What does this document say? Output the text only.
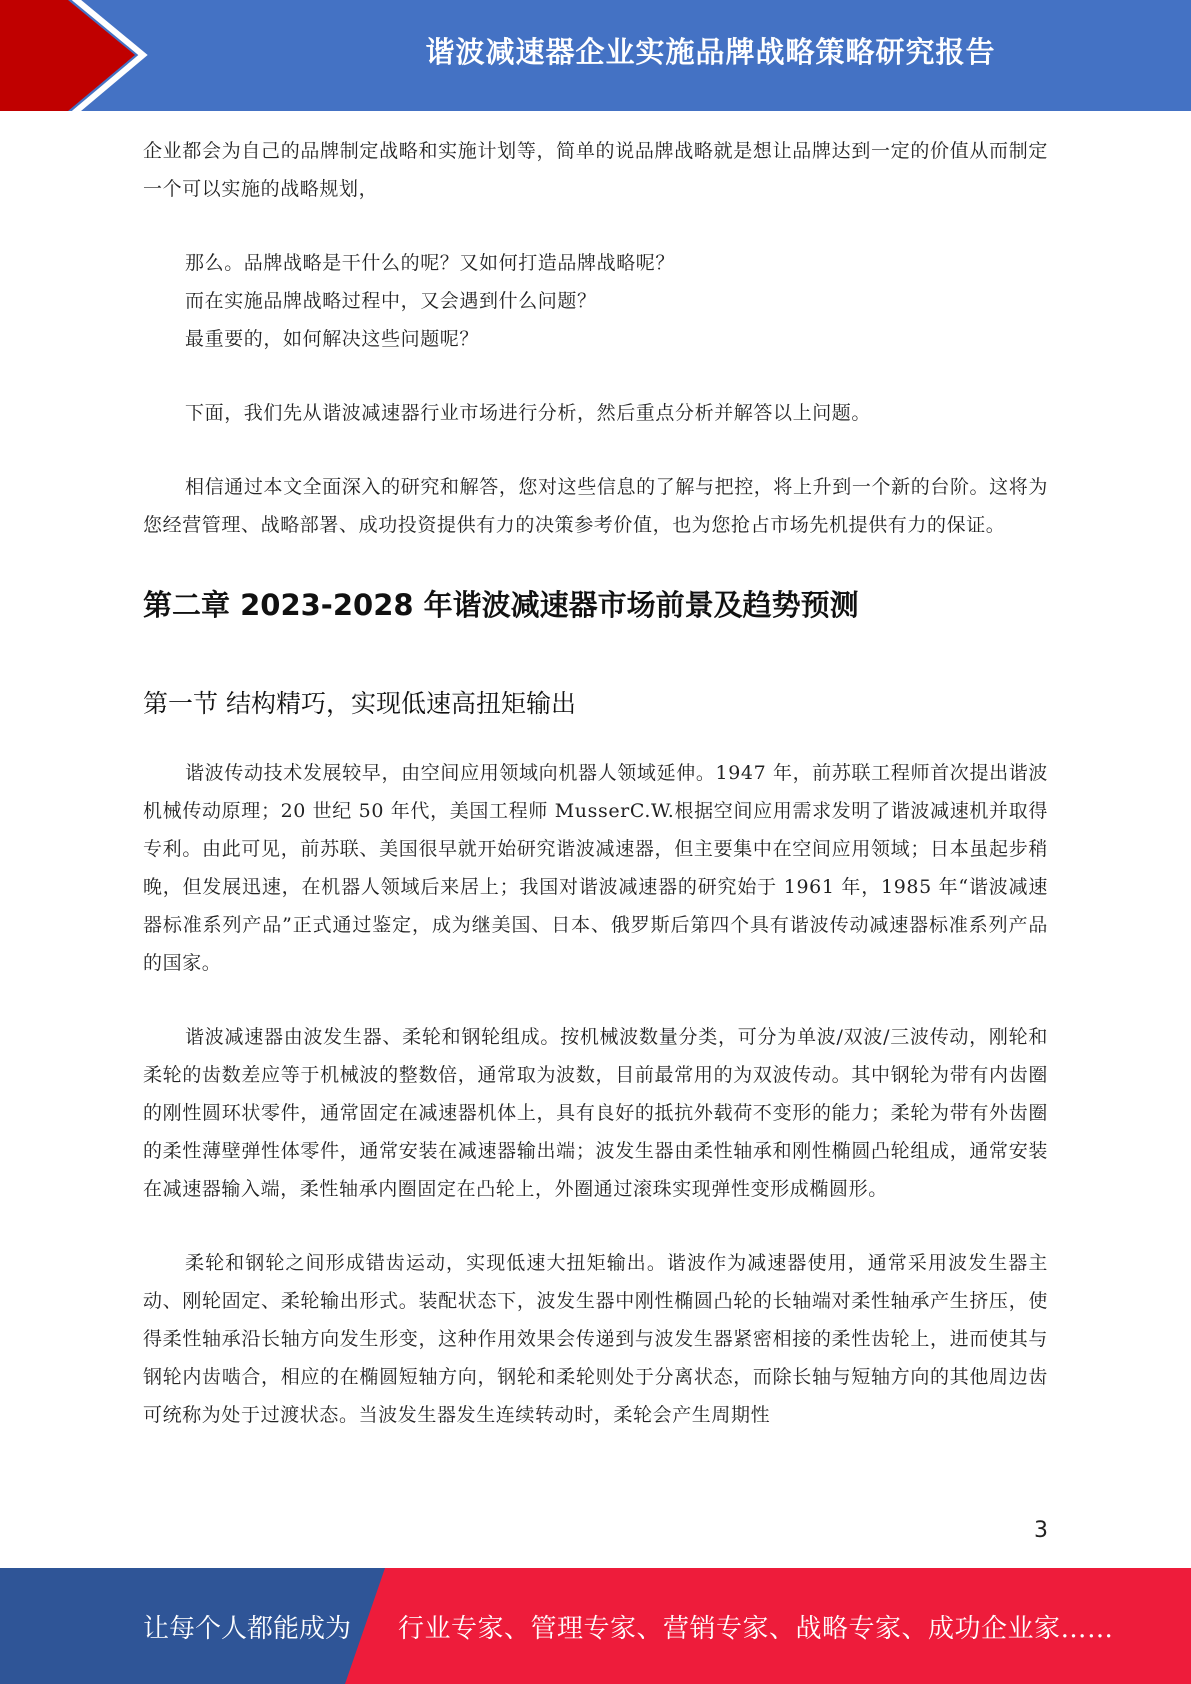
谐波减速器企业实施品牌战略策略研究报告

企业都会为自己的品牌制定战略和实施计划等，简单的说品牌战略就是想让品牌达到一定的价值从而制定一个可以实施的战略规划，

那么。品牌战略是干什么的呢？又如何打造品牌战略呢？

而在实施品牌战略过程中，又会遇到什么问题？

最重要的，如何解决这些问题呢？

下面，我们先从谐波减速器行业市场进行分析，然后重点分析并解答以上问题。

相信通过本文全面深入的研究和解答，您对这些信息的了解与把控，将上升到一个新的台阶。这将为您经营管理、战略部署、成功投资提供有力的决策参考价值，也为您抢占市场先机提供有力的保证。

第二章 2023-2028 年谐波减速器市场前景及趋势预测
第一节 结构精巧，实现低速高扭矩输出

谐波传动技术发展较早，由空间应用领域向机器人领域延伸。1947 年，前苏联工程师首次提出谐波机械传动原理；20 世纪 50 年代，美国工程师 MusserC.W.根据空间应用需求发明了谐波减速机并取得专利。由此可见，前苏联、美国很早就开始研究谐波减速器，但主要集中在空间应用领域；日本虽起步稍晚，但发展迅速，在机器人领域后来居上；我国对谐波减速器的研究始于 1961 年，1985 年“谐波减速器标准系列产品”正式通过鉴定，成为继美国、日本、俄罗斯后第四个具有谐波传动减速器标准系列产品的国家。

谐波减速器由波发生器、柔轮和钢轮组成。按机械波数量分类，可分为单波/双波/三波传动，刚轮和柔轮的齿数差应等于机械波的整数倍，通常取为波数，目前最常用的为双波传动。其中钢轮为带有内齿圈的刚性圆环状零件，通常固定在减速器机体上，具有良好的抵抗外载荷不变形的能力；柔轮为带有外齿圈的柔性薄壁弹性体零件，通常安装在减速器输出端；波发生器由柔性轴承和刚性椭圆凸轮组成，通常安装在减速器输入端，柔性轴承内圈固定在凸轮上，外圈通过滚珠实现弹性变形成椭圆形。

柔轮和钢轮之间形成错齿运动，实现低速大扭矩输出。谐波作为减速器使用，通常采用波发生器主动、刚轮固定、柔轮输出形式。装配状态下，波发生器中刚性椭圆凸轮的长轴端对柔性轴承产生挤压，使得柔性轴承沿长轴方向发生形变，这种作用效果会传递到与波发生器紧密相接的柔性齿轮上，进而使其与钢轮内齿啮合，相应的在椭圆短轴方向，钢轮和柔轮则处于分离状态，而除长轴与短轴方向的其他周边齿可统称为处于过渡状态。当波发生器发生连续转动时，柔轮会产生周期性

3
让每个人都能成为 行业专家、管理专家、营销专家、战略专家、成功企业家……
